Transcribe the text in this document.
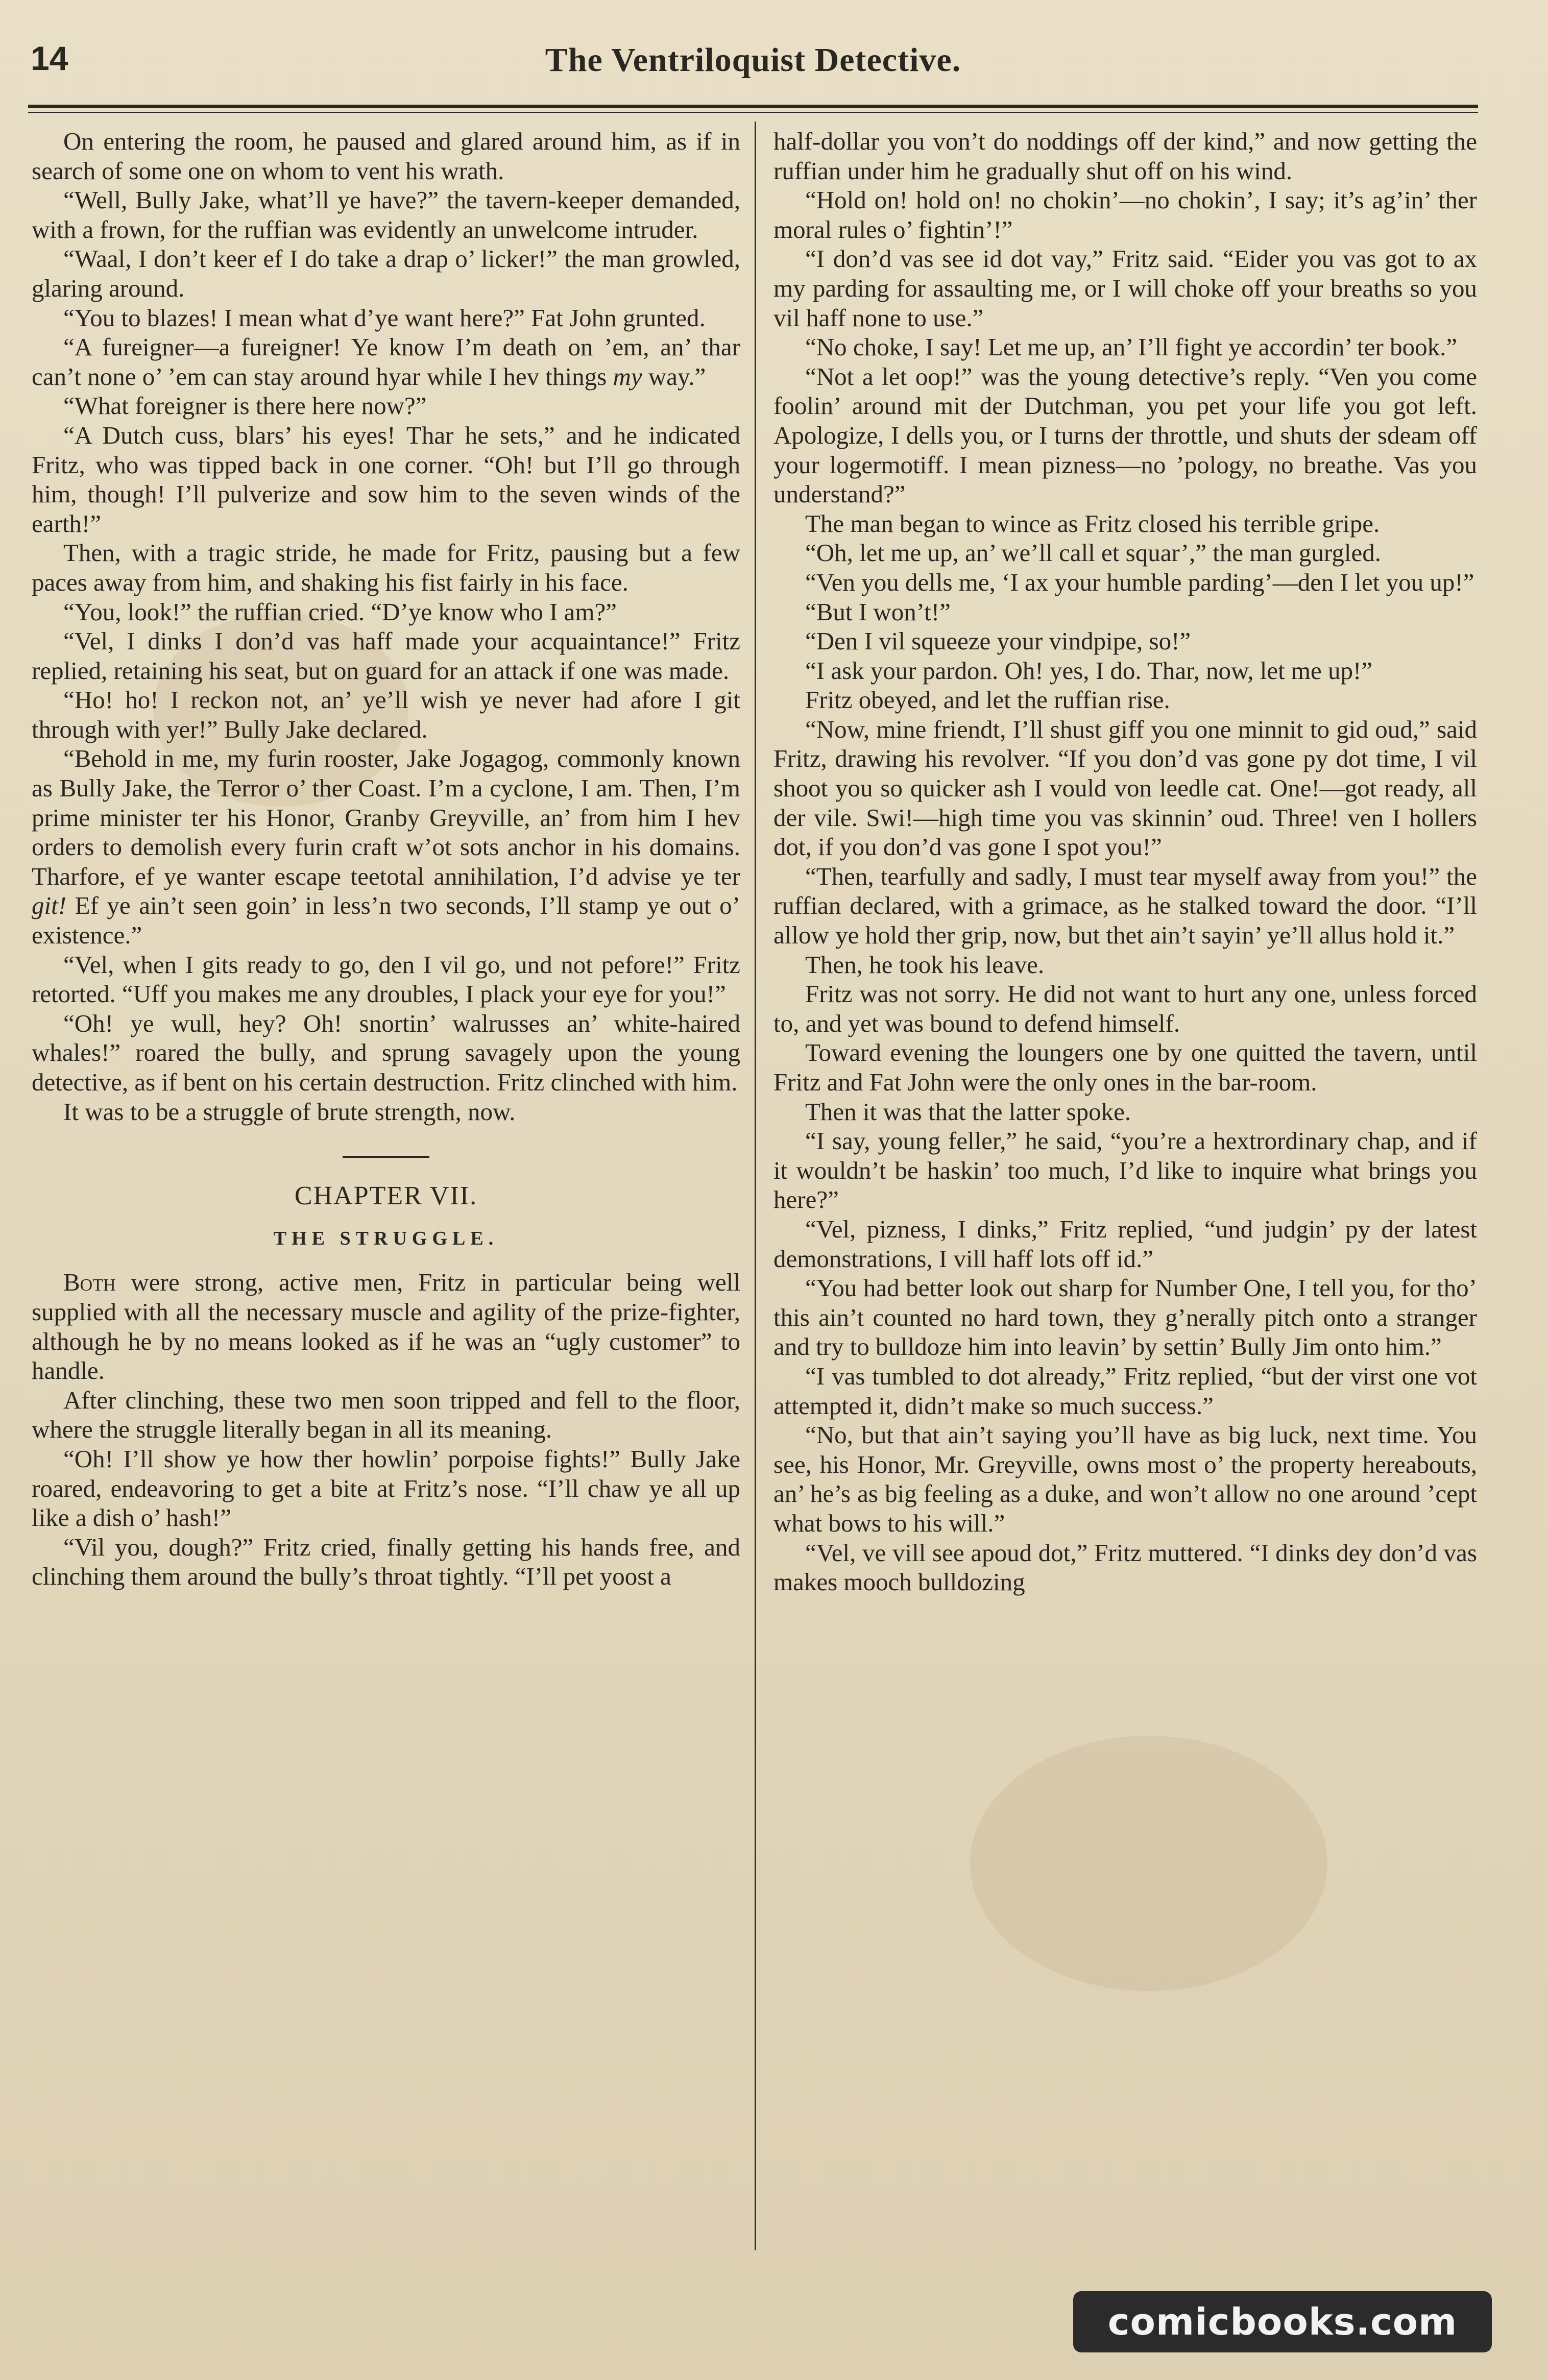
14	The Ventriloquist Detective.

On entering the room, he paused and glared around him, as if in search of some one on whom to vent his wrath.

“Well, Bully Jake, what’ll ye have?” the tavern-keeper demanded, with a frown, for the ruffian was evidently an unwelcome intruder.

“Waal, I don’t keer ef I do take a drap o’ licker!” the man growled, glaring around.

“You to blazes! I mean what d’ye want here?” Fat John grunted.

“A fureigner—a fureigner! Ye know I’m death on ’em, an’ thar can’t none o’ ’em can stay around hyar while I hev things my way.”

“What foreigner is there here now?”

“A Dutch cuss, blars’ his eyes! Thar he sets,” and he indicated Fritz, who was tipped back in one corner. “Oh! but I’ll go through him, though! I’ll pulverize and sow him to the seven winds of the earth!”

Then, with a tragic stride, he made for Fritz, pausing but a few paces away from him, and shaking his fist fairly in his face.

“You, look!” the ruffian cried. “D’ye know who I am?”

“Vel, I dinks I don’d vas haff made your acquaintance!” Fritz replied, retaining his seat, but on guard for an attack if one was made.

“Ho! ho! I reckon not, an’ ye’ll wish ye never had afore I git through with yer!” Bully Jake declared.

“Behold in me, my furin rooster, Jake Jogagog, commonly known as Bully Jake, the Terror o’ ther Coast. I’m a cyclone, I am. Then, I’m prime minister ter his Honor, Granby Greyville, an’ from him I hev orders to demolish every furin craft w’ot sots anchor in his domains. Tharfore, ef ye wanter escape teetotal annihilation, I’d advise ye ter git! Ef ye ain’t seen goin’ in less’n two seconds, I’ll stamp ye out o’ existence.”

“Vel, when I gits ready to go, den I vil go, und not pefore!” Fritz retorted. “Uff you makes me any droubles, I plack your eye for you!”

“Oh! ye wull, hey? Oh! snortin’ walrusses an’ white-haired whales!” roared the bully, and sprung savagely upon the young detective, as if bent on his certain destruction. Fritz clinched with him.

It was to be a struggle of brute strength, now.

CHAPTER VII.
THE STRUGGLE.

Both were strong, active men, Fritz in particular being well supplied with all the necessary muscle and agility of the prize-fighter, although he by no means looked as if he was an “ugly customer” to handle.

After clinching, these two men soon tripped and fell to the floor, where the struggle literally began in all its meaning.

“Oh! I’ll show ye how ther howlin’ porpoise fights!” Bully Jake roared, endeavoring to get a bite at Fritz’s nose. “I’ll chaw ye all up like a dish o’ hash!”

“Vil you, dough?” Fritz cried, finally getting his hands free, and clinching them around the bully’s throat tightly. “I’ll pet yoost a

half-dollar you von’t do noddings off der kind,” and now getting the ruffian under him he gradually shut off on his wind.

“Hold on! hold on! no chokin’—no chokin’, I say; it’s ag’in’ ther moral rules o’ fightin’!”

“I don’d vas see id dot vay,” Fritz said. “Eider you vas got to ax my parding for assaulting me, or I will choke off your breaths so you vil haff none to use.”

“No choke, I say! Let me up, an’ I’ll fight ye accordin’ ter book.”

“Not a let oop!” was the young detective’s reply. “Ven you come foolin’ around mit der Dutchman, you pet your life you got left. Apologize, I dells you, or I turns der throttle, und shuts der sdeam off your logermotiff. I mean pizness—no ’pology, no breathe. Vas you understand?”

The man began to wince as Fritz closed his terrible gripe.

“Oh, let me up, an’ we’ll call et squar’,” the man gurgled.

“Ven you dells me, ‘I ax your humble parding’—den I let you up!”

“But I won’t!”

“Den I vil squeeze your vindpipe, so!”

“I ask your pardon. Oh! yes, I do. Thar, now, let me up!”

Fritz obeyed, and let the ruffian rise.

“Now, mine friendt, I’ll shust giff you one minnit to gid oud,” said Fritz, drawing his revolver. “If you don’d vas gone py dot time, I vil shoot you so quicker ash I vould von leedle cat. One!—got ready, all der vile. Swi!—high time you vas skinnin’ oud. Three! ven I hollers dot, if you don’d vas gone I spot you!”

“Then, tearfully and sadly, I must tear myself away from you!” the ruffian declared, with a grimace, as he stalked toward the door. “I’ll allow ye hold ther grip, now, but thet ain’t sayin’ ye’ll allus hold it.”

Then, he took his leave.

Fritz was not sorry. He did not want to hurt any one, unless forced to, and yet was bound to defend himself.

Toward evening the loungers one by one quitted the tavern, until Fritz and Fat John were the only ones in the bar-room.

Then it was that the latter spoke.

“I say, young feller,” he said, “you’re a hextrordinary chap, and if it wouldn’t be haskin’ too much, I’d like to inquire what brings you here?”

“Vel, pizness, I dinks,” Fritz replied, “und judgin’ py der latest demonstrations, I vill haff lots off id.”

“You had better look out sharp for Number One, I tell you, for tho’ this ain’t counted no hard town, they g’nerally pitch onto a stranger and try to bulldoze him into leavin’ by settin’ Bully Jim onto him.”

“I vas tumbled to dot already,” Fritz replied, “but der virst one vot attempted it, didn’t make so much success.”

“No, but that ain’t saying you’ll have as big luck, next time. You see, his Honor, Mr. Greyville, owns most o’ the property hereabouts, an’ he’s as big feeling as a duke, and won’t allow no one around ’cept what bows to his will.”

“Vel, ve vill see apoud dot,” Fritz muttered. “I dinks dey don’d vas makes mooch bulldozing

comicbooks.com
